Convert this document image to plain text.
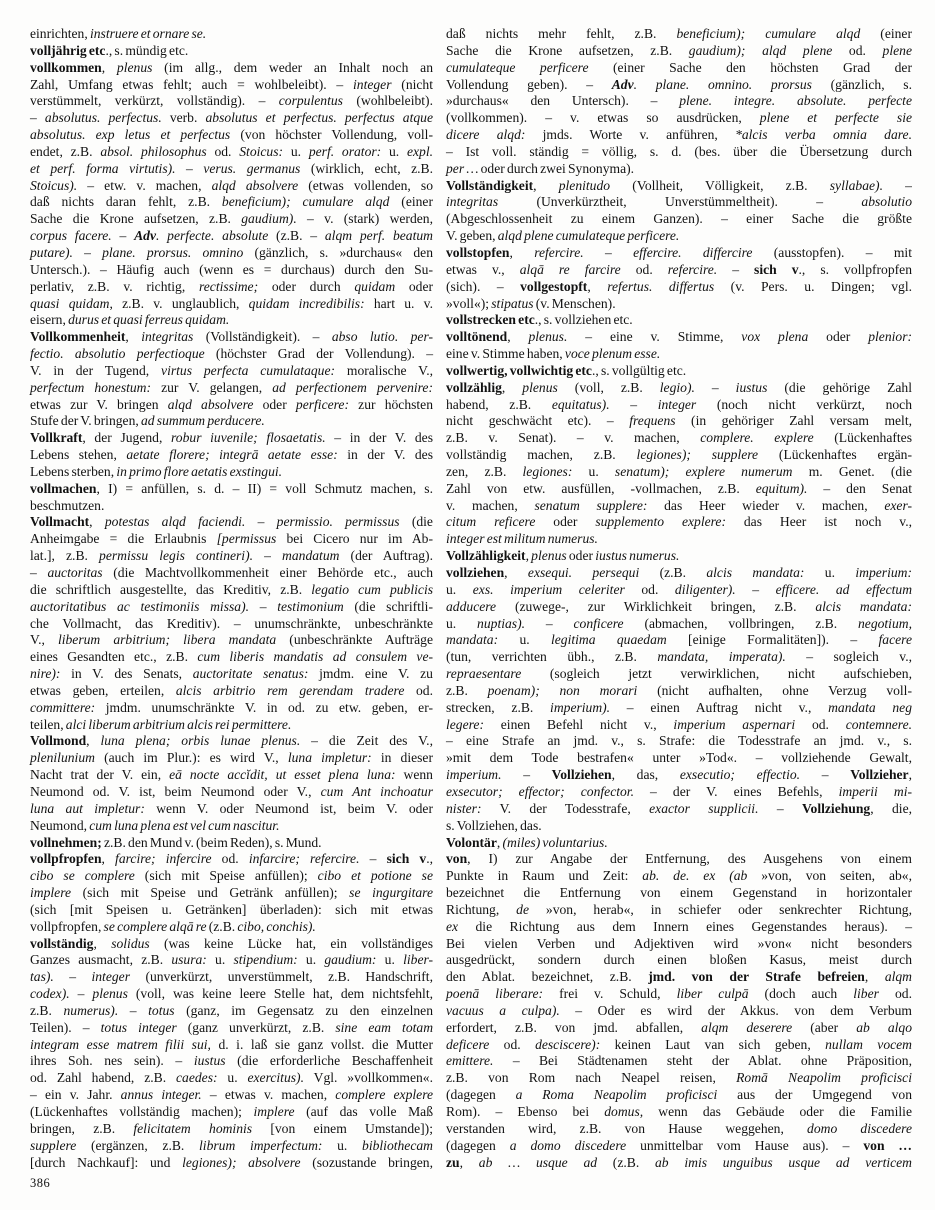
einrichten, instruere et ornare se.
volljährig etc., s. mündig etc.
vollkommen, plenus (im allg., dem weder an Inhalt noch an
Zahl, Umfang etwas fehlt; auch = wohlbeleibt). – integer (nicht
verstümmelt, verkürzt, vollständig). – corpulentus (wohlbeleibt).
– absolutus. perfectus. verb. absolutus et perfectus. perfectus atque
absolutus. exp letus et perfectus (von höchster Vollendung, voll-
endet, z.B. absol. philosophus od. Stoicus: u. perf. orator: u. expl.
et perf. forma virtutis). – verus. germanus (wirklich, echt, z.B.
Stoicus). – etw. v. machen, alqd absolvere (etwas vollenden, so
daß nichts daran fehlt, z.B. beneficium); cumulare alqd (einer
Sache die Krone aufsetzen, z.B. gaudium). – v. (stark) werden,
corpus facere. – Adv. perfecte. absolute (z.B. – alqm perf. beatum
putare). – plane. prorsus. omnino (gänzlich, s. »durchaus« den
Untersch.). – Häufig auch (wenn es = durchaus) durch den Su-
perlativ, z.B. v. richtig, rectissime; oder durch quidam oder
quasi quidam, z.B. v. unglaublich, quidam incredibilis: hart u. v.
eisern, durus et quasi ferreus quidam.
Vollkommenheit, integritas (Vollständigkeit). – abso lutio. per-
fectio. absolutio perfectioque (höchster Grad der Vollendung). –
V. in der Tugend, virtus perfecta cumulataque: moralische V.,
perfectum honestum: zur V. gelangen, ad perfectionem pervenire:
etwas zur V. bringen alqd absolvere oder perficere: zur höchsten
Stufe der V. bringen, ad summum perducere.
Vollkraft, der Jugend, robur iuvenile; flosaetatis. – in der V. des
Lebens stehen, aetate florere; integrā aetate esse: in der V. des
Lebens sterben, in primo flore aetatis exstingui.
vollmachen, I) = anfüllen, s. d. – II) = voll Schmutz machen, s.
beschmutzen.
Vollmacht, potestas alqd faciendi. – permissio. permissus (die
Anheimgabe = die Erlaubnis [permissus bei Cicero nur im Ab-
lat.], z.B. permissu legis contineri). – mandatum (der Auftrag).
– auctoritas (die Machtvollkommenheit einer Behörde etc., auch
die schriftlich ausgestellte, das Kreditiv, z.B. legatio cum publicis
auctoritatibus ac testimoniis missa). – testimonium (die schriftli-
che Vollmacht, das Kreditiv). – unumschränkte, unbeschränkte
V., liberum arbitrium; libera mandata (unbeschränkte Aufträge
eines Gesandten etc., z.B. cum liberis mandatis ad consulem ve-
nire): in V. des Senats, auctoritate senatus: jmdm. eine V. zu
etwas geben, erteilen, alcis arbitrio rem gerendam tradere od.
committere: jmdm. unumschränkte V. in od. zu etw. geben, er-
teilen, alci liberum arbitrium alcis rei permittere.
Vollmond, luna plena; orbis lunae plenus. – die Zeit des V.,
plenilunium (auch im Plur.): es wird V., luna impletur: in dieser
Nacht trat der V. ein, eā nocte accĭdit, ut esset plena luna: wenn
Neumond od. V. ist, beim Neumond oder V., cum Ant inchoatur
luna aut impletur: wenn V. oder Neumond ist, beim V. oder
Neumond, cum luna plena est vel cum nascitur.
vollnehmen; z.B. den Mund v. (beim Reden), s. Mund.
vollpfropfen, farcire; infercire od. infarcire; refercire. – sich v.,
cibo se complere (sich mit Speise anfüllen); cibo et potione se
implere (sich mit Speise und Getränk anfüllen); se ingurgitare
(sich [mit Speisen u. Getränken] überladen): sich mit etwas
vollpfropfen, se complere alqā re (z.B. cibo, conchis).
vollständig, solidus (was keine Lücke hat, ein vollständiges
Ganzes ausmacht, z.B. usura: u. stipendium: u. gaudium: u. liber-
tas). – integer (unverkürzt, unverstümmelt, z.B. Handschrift,
codex). – plenus (voll, was keine leere Stelle hat, dem nichtsfehlt,
z.B. numerus). – totus (ganz, im Gegensatz zu den einzelnen
Teilen). – totus integer (ganz unverkürzt, z.B. sine eam totam
integram esse matrem filii sui, d. i. laß sie ganz vollst. die Mutter
ihres Soh. nes sein). – iustus (die erforderliche Beschaffenheit
od. Zahl habend, z.B. caedes: u. exercitus). Vgl. »vollkommen«.
– ein v. Jahr. annus integer. – etwas v. machen, complere explere
(Lückenhaftes vollständig machen); implere (auf das volle Maß
bringen, z.B. felicitatem hominis [von einem Umstande]);
supplere (ergänzen, z.B. librum imperfectum: u. bibliothecam
[durch Nachkauf]: und legiones); absolvere (sozustande bringen,
daß nichts mehr fehlt, z.B. beneficium); cumulare alqd (einer
Sache die Krone aufsetzen, z.B. gaudium); alqd plene od. plene
cumulateque perficere (einer Sache den höchsten Grad der
Vollendung geben). – Adv. plane. omnino. prorsus (gänzlich, s.
»durchaus« den Untersch). – plene. integre. absolute. perfecte
(vollkommen). – v. etwas so ausdrücken, plene et perfecte sie
dicere alqd: jmds. Worte v. anführen, *alcis verba omnia dare.
– Ist voll. ständig = völlig, s. d. (bes. über die Übersetzung durch
per … oder durch zwei Synonyma).
Vollständigkeit, plenitudo (Vollheit, Völligkeit, z.B. syllabae). –
integritas (Unverkürztheit, Unverstümmeltheit). – absolutio
(Abgeschlossenheit zu einem Ganzen). – einer Sache die größte
V. geben, alqd plene cumulateque perficere.
vollstopfen, refercire. – effercire. differcire (ausstopfen). – mit
etwas v., alqā re farcire od. refercire. – sich v., s. vollpfropfen
(sich). – vollgestopft, refertus. differtus (v. Pers. u. Dingen; vgl.
»voll«); stipatus (v. Menschen).
vollstrecken etc., s. vollziehen etc.
volltönend, plenus. – eine v. Stimme, vox plena oder plenior:
eine v. Stimme haben, voce plenum esse.
vollwertig, vollwichtig etc., s. vollgültig etc.
vollzählig, plenus (voll, z.B. legio). – iustus (die gehörige Zahl
habend, z.B. equitatus). – integer (noch nicht verkürzt, noch
nicht geschwächt etc). – frequens (in gehöriger Zahl versam melt,
z.B. v. Senat). – v. machen, complere. explere (Lückenhaftes
vollständig machen, z.B. legiones); supplere (Lückenhaftes ergän-
zen, z.B. legiones: u. senatum); explere numerum m. Genet. (die
Zahl von etw. ausfüllen, -vollmachen, z.B. equitum). – den Senat
v. machen, senatum supplere: das Heer wieder v. machen, exer-
citum reficere oder supplemento explere: das Heer ist noch v.,
integer est militum numerus.
Vollzähligkeit, plenus oder iustus numerus.
vollziehen, exsequi. persequi (z.B. alcis mandata: u. imperium:
u. exs. imperium celeriter od. diligenter). – efficere. ad effectum
adducere (zuwege-, zur Wirklichkeit bringen, z.B. alcis mandata:
u. nuptias). – conficere (abmachen, vollbringen, z.B. negotium,
mandata: u. legitima quaedam [einige Formalitäten]). – facere
(tun, verrichten übh., z.B. mandata, imperata). – sogleich v.,
repraesentare (sogleich jetzt verwirklichen, nicht aufschieben,
z.B. poenam); non morari (nicht aufhalten, ohne Verzug voll-
strecken, z.B. imperium). – einen Auftrag nicht v., mandata neg
legere: einen Befehl nicht v., imperium aspernari od. contemnere.
– eine Strafe an jmd. v., s. Strafe: die Todesstrafe an jmd. v., s.
»mit dem Tode bestrafen« unter »Tod«. – vollziehende Gewalt,
imperium. – Vollziehen, das, exsecutio; effectio. – Vollzieher,
exsecutor; effector; confector. – der V. eines Befehls, imperii mi-
nister: V. der Todesstrafe, exactor supplicii. – Vollziehung, die,
s. Vollziehen, das.
Volontär, (miles) voluntarius.
von, I) zur Angabe der Entfernung, des Ausgehens von einem
Punkte in Raum und Zeit: ab. de. ex (ab »von, von seiten, ab«,
bezeichnet die Entfernung von einem Gegenstand in horizontaler
Richtung, de »von, herab«, in schiefer oder senkrechter Richtung,
ex die Richtung aus dem Innern eines Gegenstandes heraus). –
Bei vielen Verben und Adjektiven wird »von« nicht besonders
ausgedrückt, sondern durch einen bloßen Kasus, meist durch
den Ablat. bezeichnet, z.B. jmd. von der Strafe befreien, alqm
poenā liberare: frei v. Schuld, liber culpā (doch auch liber od.
vacuus a culpa). – Oder es wird der Akkus. von dem Verbum
erfordert, z.B. von jmd. abfallen, alqm deserere (aber ab alqo
deficere od. desciscere): keinen Laut van sich geben, nullam vocem
emittere. – Bei Städtenamen steht der Ablat. ohne Präposition,
z.B. von Rom nach Neapel reisen, Romā Neapolim proficisci
(dagegen a Roma Neapolim proficisci aus der Umgegend von
Rom). – Ebenso bei domus, wenn das Gebäude oder die Familie
verstanden wird, z.B. von Hause weggehen, domo discedere
(dagegen a domo discedere unmittelbar vom Hause aus). – von …
zu, ab … usque ad (z.B. ab imis unguibus usque ad verticem
386
